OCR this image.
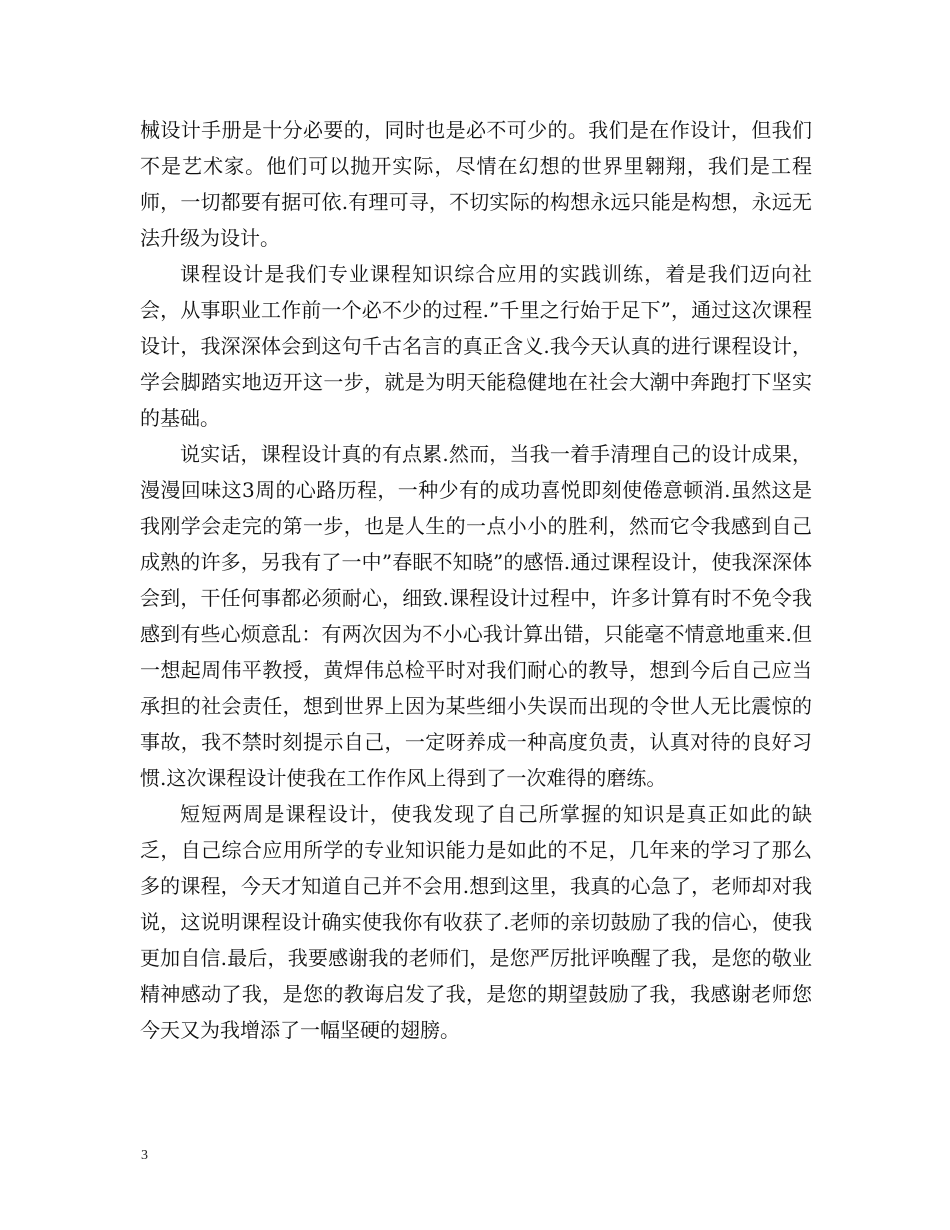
械设计手册是十分必要的，同时也是必不可少的。我们是在作设计，但我们不是艺术家。他们可以抛开实际，尽情在幻想的世界里翱翔，我们是工程师，一切都要有据可依.有理可寻，不切实际的构想永远只能是构想，永远无法升级为设计。

课程设计是我们专业课程知识综合应用的实践训练，着是我们迈向社会，从事职业工作前一个必不少的过程.”千里之行始于足下”，通过这次课程设计，我深深体会到这句千古名言的真正含义.我今天认真的进行课程设计，学会脚踏实地迈开这一步，就是为明天能稳健地在社会大潮中奔跑打下坚实的基础。

说实话，课程设计真的有点累.然而，当我一着手清理自己的设计成果，漫漫回味这3周的心路历程，一种少有的成功喜悦即刻使倦意顿消.虽然这是我刚学会走完的第一步，也是人生的一点小小的胜利，然而它令我感到自己成熟的许多，另我有了一中”春眠不知晓”的感悟.通过课程设计，使我深深体会到，干任何事都必须耐心，细致.课程设计过程中，许多计算有时不免令我感到有些心烦意乱：有两次因为不小心我计算出错，只能毫不情意地重来.但一想起周伟平教授，黄焊伟总检平时对我们耐心的教导，想到今后自己应当承担的社会责任，想到世界上因为某些细小失误而出现的令世人无比震惊的事故，我不禁时刻提示自己，一定呀养成一种高度负责，认真对待的良好习惯.这次课程设计使我在工作作风上得到了一次难得的磨练。

短短两周是课程设计，使我发现了自己所掌握的知识是真正如此的缺乏，自己综合应用所学的专业知识能力是如此的不足，几年来的学习了那么多的课程，今天才知道自己并不会用.想到这里，我真的心急了，老师却对我说，这说明课程设计确实使我你有收获了.老师的亲切鼓励了我的信心，使我更加自信.最后，我要感谢我的老师们，是您严厉批评唤醒了我，是您的敬业精神感动了我，是您的教诲启发了我，是您的期望鼓励了我，我感谢老师您今天又为我增添了一幅坚硬的翅膀。

3
